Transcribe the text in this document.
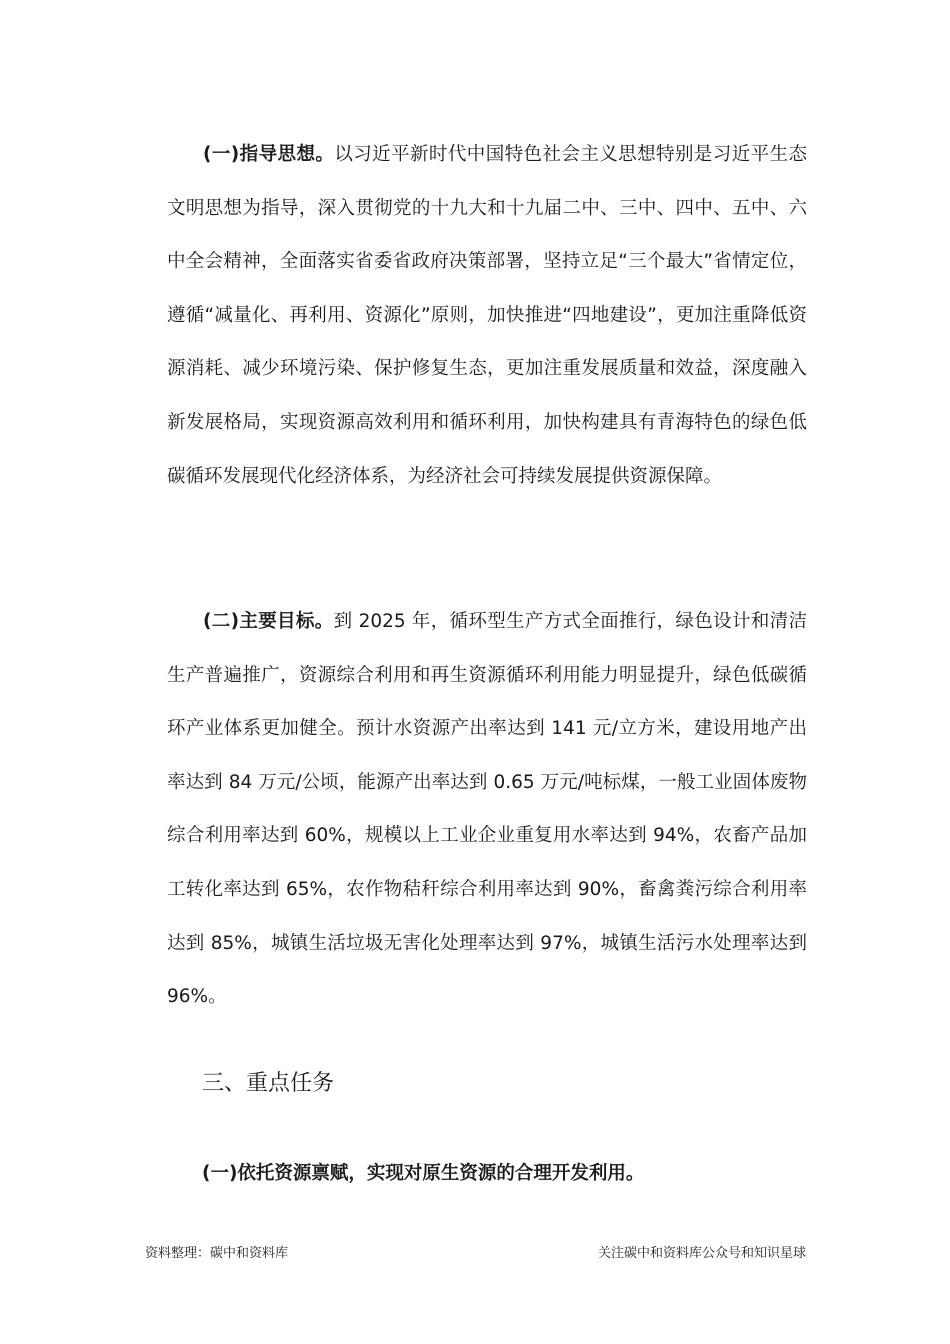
(一)指导思想。以习近平新时代中国特色社会主义思想特别是习近平生态文明思想为指导，深入贯彻党的十九大和十九届二中、三中、四中、五中、六中全会精神，全面落实省委省政府决策部署，坚持立足“三个最大”省情定位，遵循“减量化、再利用、资源化”原则，加快推进“四地建设”，更加注重降低资源消耗、减少环境污染、保护修复生态，更加注重发展质量和效益，深度融入新发展格局，实现资源高效利用和循环利用，加快构建具有青海特色的绿色低碳循环发展现代化经济体系，为经济社会可持续发展提供资源保障。

(二)主要目标。到 2025 年，循环型生产方式全面推行，绿色设计和清洁生产普遍推广，资源综合利用和再生资源循环利用能力明显提升，绿色低碳循环产业体系更加健全。预计水资源产出率达到 141 元/立方米，建设用地产出率达到 84 万元/公顷，能源产出率达到 0.65 万元/吨标煤，一般工业固体废物综合利用率达到 60%，规模以上工业企业重复用水率达到 94%，农畜产品加工转化率达到 65%，农作物秸秆综合利用率达到 90%，畜禽粪污综合利用率达到 85%，城镇生活垃圾无害化处理率达到 97%，城镇生活污水处理率达到 96%。

三、重点任务
(一)依托资源禀赋，实现对原生资源的合理开发利用。
资料整理：碳中和资料库	关注碳中和资料库公众号和知识星球
